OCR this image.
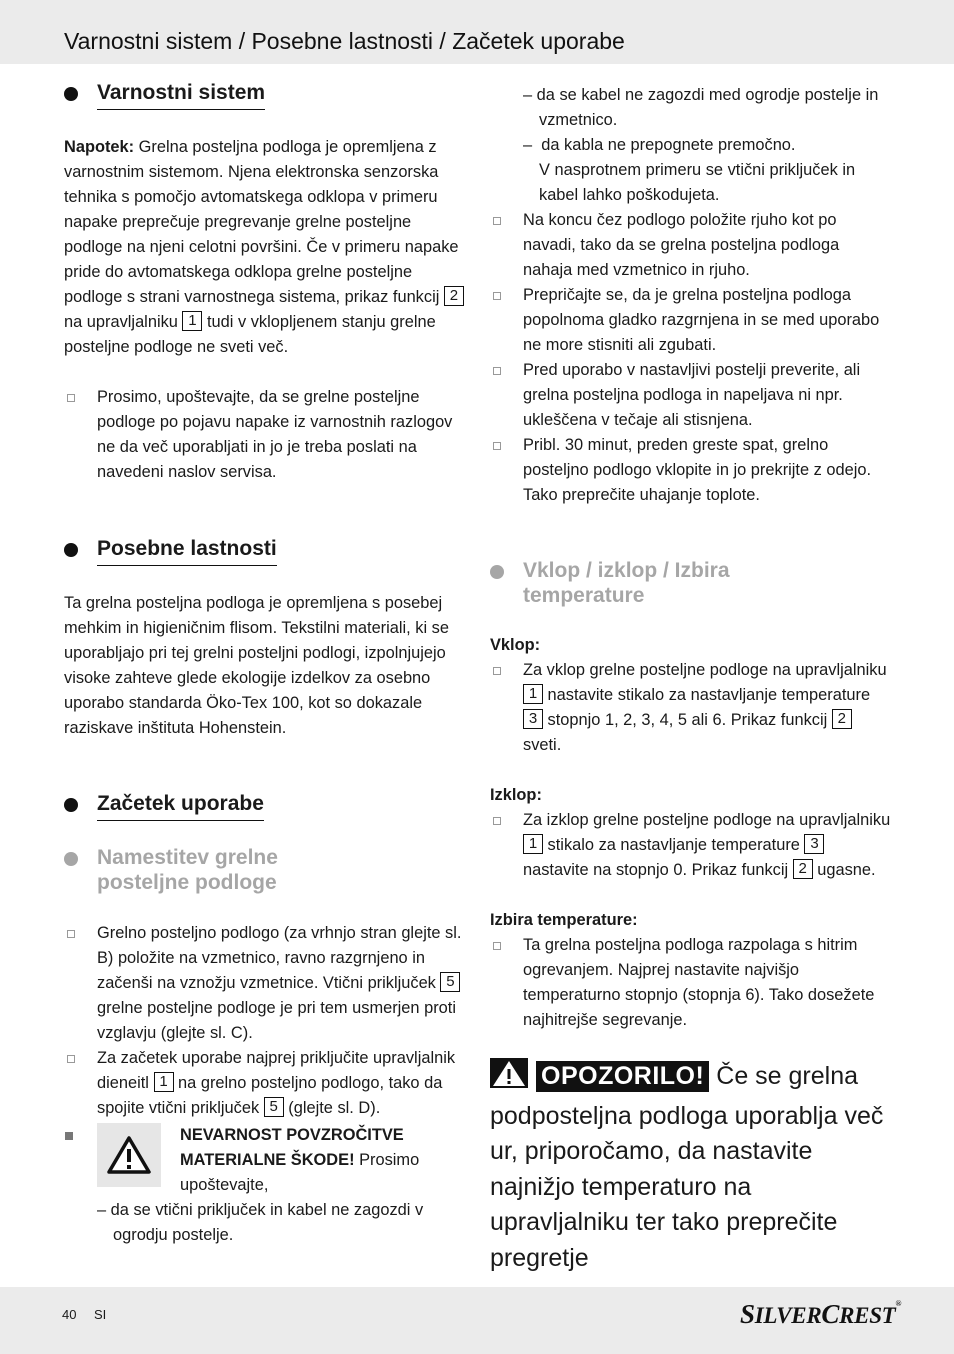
Varnostni sistem / Posebne lastnosti / Začetek uporabe
Varnostni sistem

Napotek: Grelna posteljna podloga je opremljena z varnostnim sistemom. Njena elektronska senzorska tehnika s pomočjo avtomatskega odklopa v primeru napake preprečuje pregrevanje grelne posteljne podloge na njeni celotni površini. Če v primeru napake pride do avtomatskega odklopa grelne posteljne podloge s strani varnostnega sistema, prikaz funkcij 2 na upravljalniku 1 tudi v vklopljenem stanju grelne posteljne podloge ne sveti več.

Prosimo, upoštevajte, da se grelne posteljne podloge po pojavu napake iz varnostnih razlogov ne da več uporabljati in jo je treba poslati na navedeni naslov servisa.
Posebne lastnosti

Ta grelna posteljna podloga je opremljena s posebej mehkim in higieničnim flisom. Tekstilni materiali, ki se uporabljajo pri tej grelni posteljni podlogi, izpolnjujejo visoke zahteve glede ekologije izdelkov za osebno uporabo standarda Öko-Tex 100, kot so dokazale raziskave inštituta Hohenstein.

Začetek uporabe
Namestitev grelne
posteljne podloge
Grelno posteljno podlogo (za vrhnjo stran glejte sl. B) položite na vzmetnico, ravno razgrnjeno in začenši na vznožju vzmetnice. Vtični priključek 5 grelne posteljne podloge je pri tem usmerjen proti vzglavju (glejte sl. C).
Za začetek uporabe najprej priključite upravljalnik dieneitl 1 na grelno posteljno podlogo, tako da spojite vtični priključek 5 (glejte sl. D).
NEVARNOST POVZROČITVE MATERIALNE ŠKODE! Prosimo upoštevajte,
– da se vtični priključek in kabel ne zagozdi v ogrodju postelje.
– da se kabel ne zagozdi med ogrodje postelje in vzmetnico.
–  da kabla ne prepognete premočno.
V nasprotnem primeru se vtični priključek in kabel lahko poškodujeta.
Na koncu čez podlogo položite rjuho kot po navadi, tako da se grelna posteljna podloga nahaja med vzmetnico in rjuho.
Prepričajte se, da je grelna posteljna podloga popolnoma gladko razgrnjena in se med uporabo ne more stisniti ali zgubati.
Pred uporabo v nastavljivi postelji preverite, ali grelna posteljna podloga in napeljava ni npr. ukleščena v tečaje ali stisnjena.
Pribl. 30 minut, preden greste spat, grelno posteljno podlogo vklopite in jo prekrijte z odejo. Tako preprečite uhajanje toplote.
Vklop / izklop / Izbira
temperature

Vklop:

Za vklop grelne posteljne podloge na upravljalniku 1 nastavite stikalo za nastavljanje temperature 3 stopnjo 1, 2, 3, 4, 5 ali 6. Prikaz funkcij 2 sveti.

Izklop:

Za izklop grelne posteljne podloge na upravljalniku 1 stikalo za nastavljanje temperature 3 nastavite na stopnjo 0. Prikaz funkcij 2 ugasne.

Izbira temperature:

Ta grelna posteljna podloga razpolaga s hitrim ogrevanjem. Najprej nastavite najvišjo temperaturno stopnjo (stopnja 6). Tako dosežete najhitrejše segrevanje.
OPOZORILO! Če se grelna podposteljna podloga uporablja več ur, priporočamo, da nastavite najnižjo temperaturo na upravljalniku ter tako preprečite pregretje
40 SI	SILVERCREST®
